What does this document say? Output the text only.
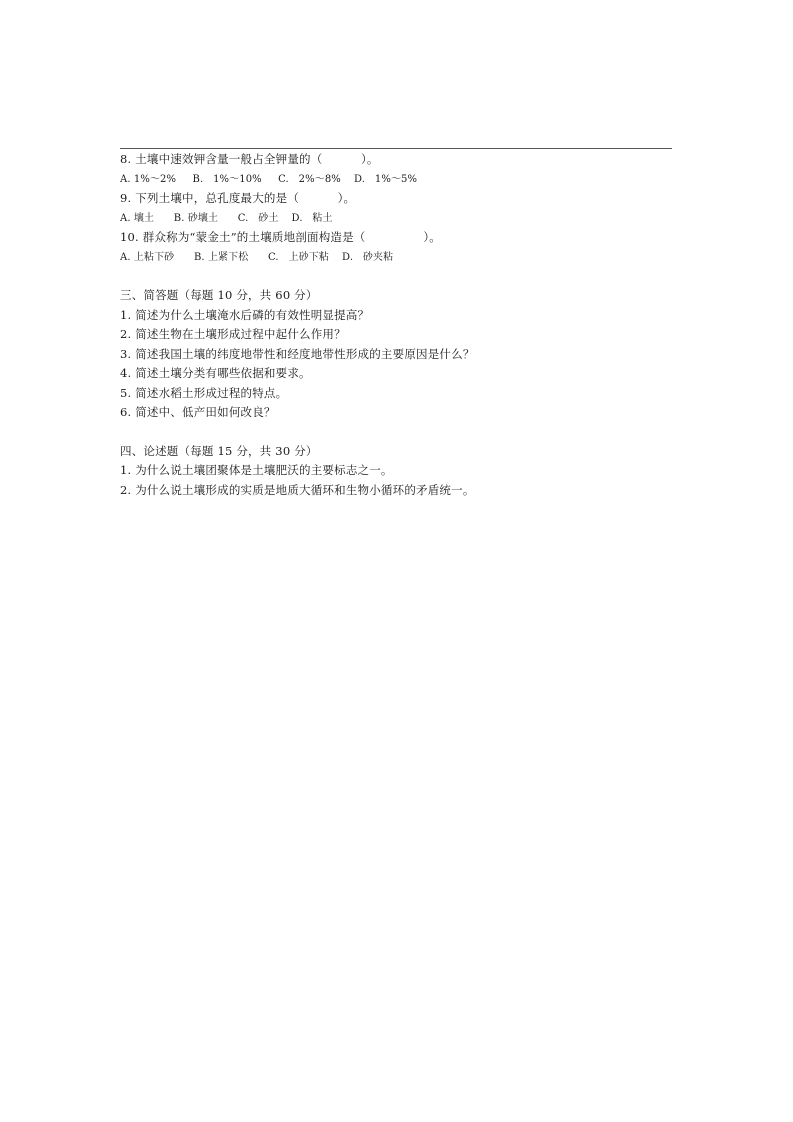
8. 土壤中速效钾含量一般占全钾量的（          ）。
A. 1%～2%     B.   1%～10%     C.   2%～8%    D.   1%～5%
9. 下列土壤中，总孔度最大的是（          ）。
A. 壤土      B. 砂壤土      C.   砂土    D.   粘土
10. 群众称为“蒙金土”的土壤质地剖面构造是（               ）。
A. 上粘下砂      B. 上紧下松      C.   上砂下粘    D.   砂夹粘
三、简答题（每题 10 分，共 60 分）
1. 简述为什么土壤淹水后磷的有效性明显提高？
2. 简述生物在土壤形成过程中起什么作用？
3. 简述我国土壤的纬度地带性和经度地带性形成的主要原因是什么？
4. 简述土壤分类有哪些依据和要求。
5. 简述水稻土形成过程的特点。
6. 简述中、低产田如何改良？
四、论述题（每题 15 分，共 30 分）
1. 为什么说土壤团聚体是土壤肥沃的主要标志之一。
2. 为什么说土壤形成的实质是地质大循环和生物小循环的矛盾统一。
